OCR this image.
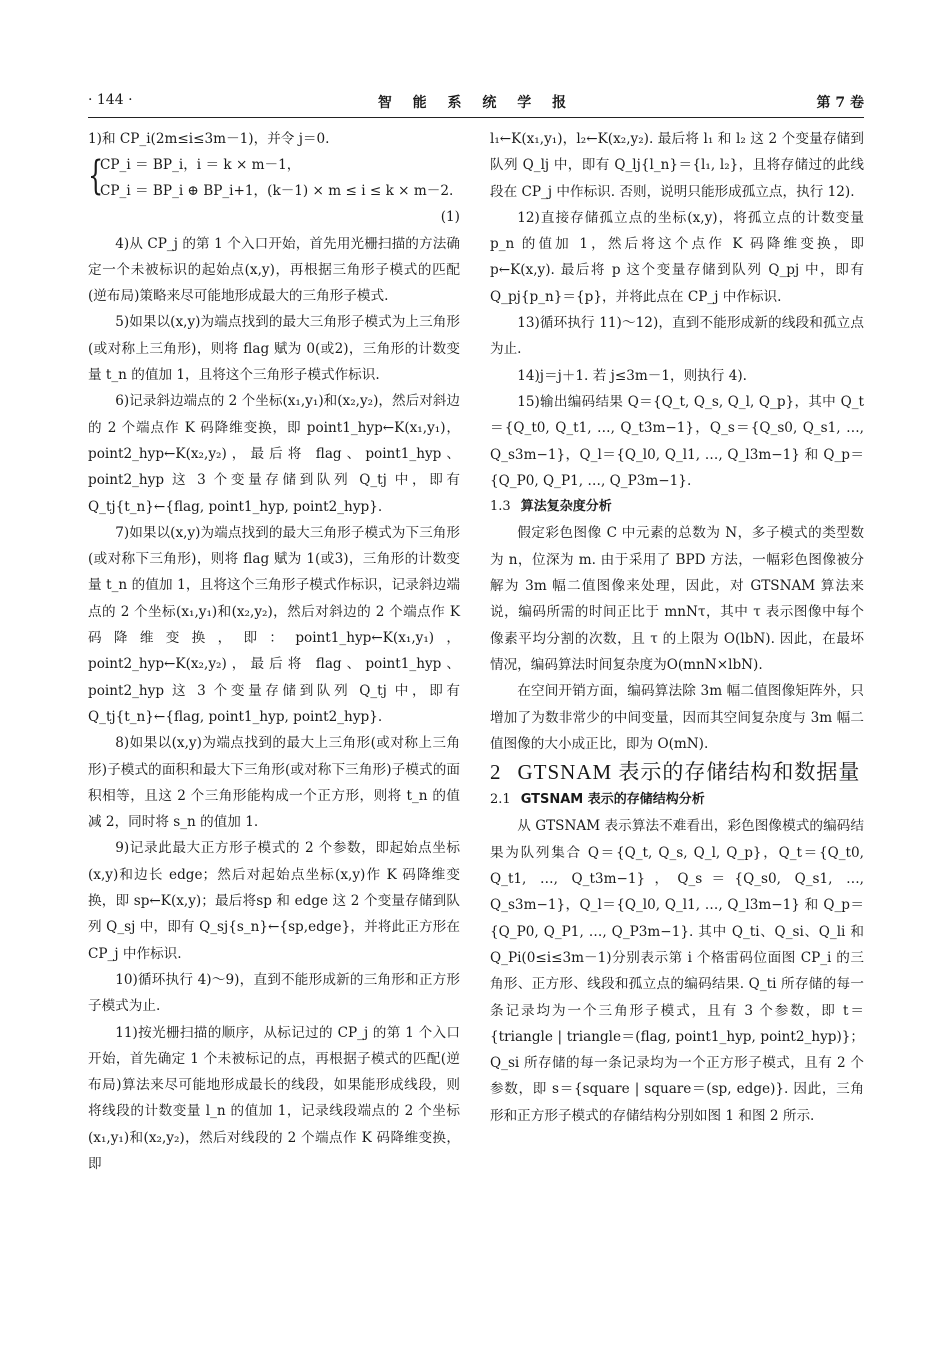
· 144 ·	智 能 系 统 学 报	第 7 卷

1)和 CP_i(2m≤i≤3m－1)，并令 j＝0.

{
CP_i ＝ BP_i，i ＝ k × m－1，
CP_i ＝ BP_i ⊕ BP_i+1，(k－1) × m ≤ i ≤ k × m－2.

(1)

4)从 CP_j 的第 1 个入口开始，首先用光栅扫描的方法确定一个未被标识的起始点(x,y)，再根据三角形子模式的匹配(逆布局)策略来尽可能地形成最大的三角形子模式.

5)如果以(x,y)为端点找到的最大三角形子模式为上三角形(或对称上三角形)，则将 flag 赋为 0(或2)，三角形的计数变量 t_n 的值加 1，且将这个三角形子模式作标识.

6)记录斜边端点的 2 个坐标(x₁,y₁)和(x₂,y₂)，然后对斜边的 2 个端点作 K 码降维变换，即 point1_hyp←K(x₁,y₁)，point2_hyp←K(x₂,y₂)，最后将 flag、point1_hyp、point2_hyp 这 3 个变量存储到队列 Q_tj 中，即有 Q_tj{t_n}←{flag, point1_hyp, point2_hyp}.

7)如果以(x,y)为端点找到的最大三角形子模式为下三角形(或对称下三角形)，则将 flag 赋为 1(或3)，三角形的计数变量 t_n 的值加 1，且将这个三角形子模式作标识，记录斜边端点的 2 个坐标(x₁,y₁)和(x₂,y₂)，然后对斜边的 2 个端点作 K 码降维变换，即：point1_hyp←K(x₁,y₁)，point2_hyp←K(x₂,y₂)，最后将 flag、point1_hyp、point2_hyp 这 3 个变量存储到队列 Q_tj 中，即有 Q_tj{t_n}←{flag, point1_hyp, point2_hyp}.

8)如果以(x,y)为端点找到的最大上三角形(或对称上三角形)子模式的面积和最大下三角形(或对称下三角形)子模式的面积相等，且这 2 个三角形能构成一个正方形，则将 t_n 的值减 2，同时将 s_n 的值加 1.

9)记录此最大正方形子模式的 2 个参数，即起始点坐标(x,y)和边长 edge；然后对起始点坐标(x,y)作 K 码降维变换，即 sp←K(x,y)；最后将sp 和 edge 这 2 个变量存储到队列 Q_sj 中，即有 Q_sj{s_n}←{sp,edge}，并将此正方形在 CP_j 中作标识.

10)循环执行 4)～9)，直到不能形成新的三角形和正方形子模式为止.

11)按光栅扫描的顺序，从标记过的 CP_j 的第 1 个入口开始，首先确定 1 个未被标记的点，再根据子模式的匹配(逆布局)算法来尽可能地形成最长的线段，如果能形成线段，则将线段的计数变量 l_n 的值加 1，记录线段端点的 2 个坐标(x₁,y₁)和(x₂,y₂)，然后对线段的 2 个端点作 K 码降维变换，即

l₁←K(x₁,y₁)，l₂←K(x₂,y₂). 最后将 l₁ 和 l₂ 这 2 个变量存储到队列 Q_lj 中，即有 Q_lj{l_n}＝{l₁, l₂}，且将存储过的此线段在 CP_j 中作标识. 否则，说明只能形成孤立点，执行 12).

12)直接存储孤立点的坐标(x,y)，将孤立点的计数变量 p_n 的值加 1，然后将这个点作 K 码降维变换，即 p←K(x,y). 最后将 p 这个变量存储到队列 Q_pj 中，即有 Q_pj{p_n}＝{p}，并将此点在 CP_j 中作标识.

13)循环执行 11)～12)，直到不能形成新的线段和孤立点为止.

14)j＝j＋1. 若 j≤3m－1，则执行 4).

15)输出编码结果 Q＝{Q_t, Q_s, Q_l, Q_p}，其中 Q_t＝{Q_t0, Q_t1, …, Q_t3m−1}，Q_s＝{Q_s0, Q_s1, …, Q_s3m−1}，Q_l＝{Q_l0, Q_l1, …, Q_l3m−1} 和 Q_p＝{Q_P0, Q_P1, …, Q_P3m−1}.

1.3 算法复杂度分析

假定彩色图像 C 中元素的总数为 N，多子模式的类型数为 n，位深为 m. 由于采用了 BPD 方法，一幅彩色图像被分解为 3m 幅二值图像来处理，因此，对 GTSNAM 算法来说，编码所需的时间正比于 mnNτ，其中 τ 表示图像中每个像素平均分割的次数，且 τ 的上限为 O(lbN). 因此，在最坏情况，编码算法时间复杂度为O(mnN×lbN).

在空间开销方面，编码算法除 3m 幅二值图像矩阵外，只增加了为数非常少的中间变量，因而其空间复杂度与 3m 幅二值图像的大小成正比，即为 O(mN).

2 GTSNAM 表示的存储结构和数据量

2.1 GTSNAM 表示的存储结构分析

从 GTSNAM 表示算法不难看出，彩色图像模式的编码结果为队列集合 Q＝{Q_t, Q_s, Q_l, Q_p}，Q_t＝{Q_t0, Q_t1, …, Q_t3m−1}，Q_s＝{Q_s0, Q_s1, …, Q_s3m−1}，Q_l＝{Q_l0, Q_l1, …, Q_l3m−1} 和 Q_p＝{Q_P0, Q_P1, …, Q_P3m−1}. 其中 Q_ti、Q_si、Q_li 和 Q_Pi(0≤i≤3m－1)分别表示第 i 个格雷码位面图 CP_i 的三角形、正方形、线段和孤立点的编码结果. Q_ti 所存储的每一条记录均为一个三角形子模式，且有 3 个参数，即 t＝{triangle | triangle＝(flag, point1_hyp, point2_hyp)}；Q_si 所存储的每一条记录均为一个正方形子模式，且有 2 个参数，即 s＝{square | square＝(sp, edge)}. 因此，三角形和正方形子模式的存储结构分别如图 1 和图 2 所示.
